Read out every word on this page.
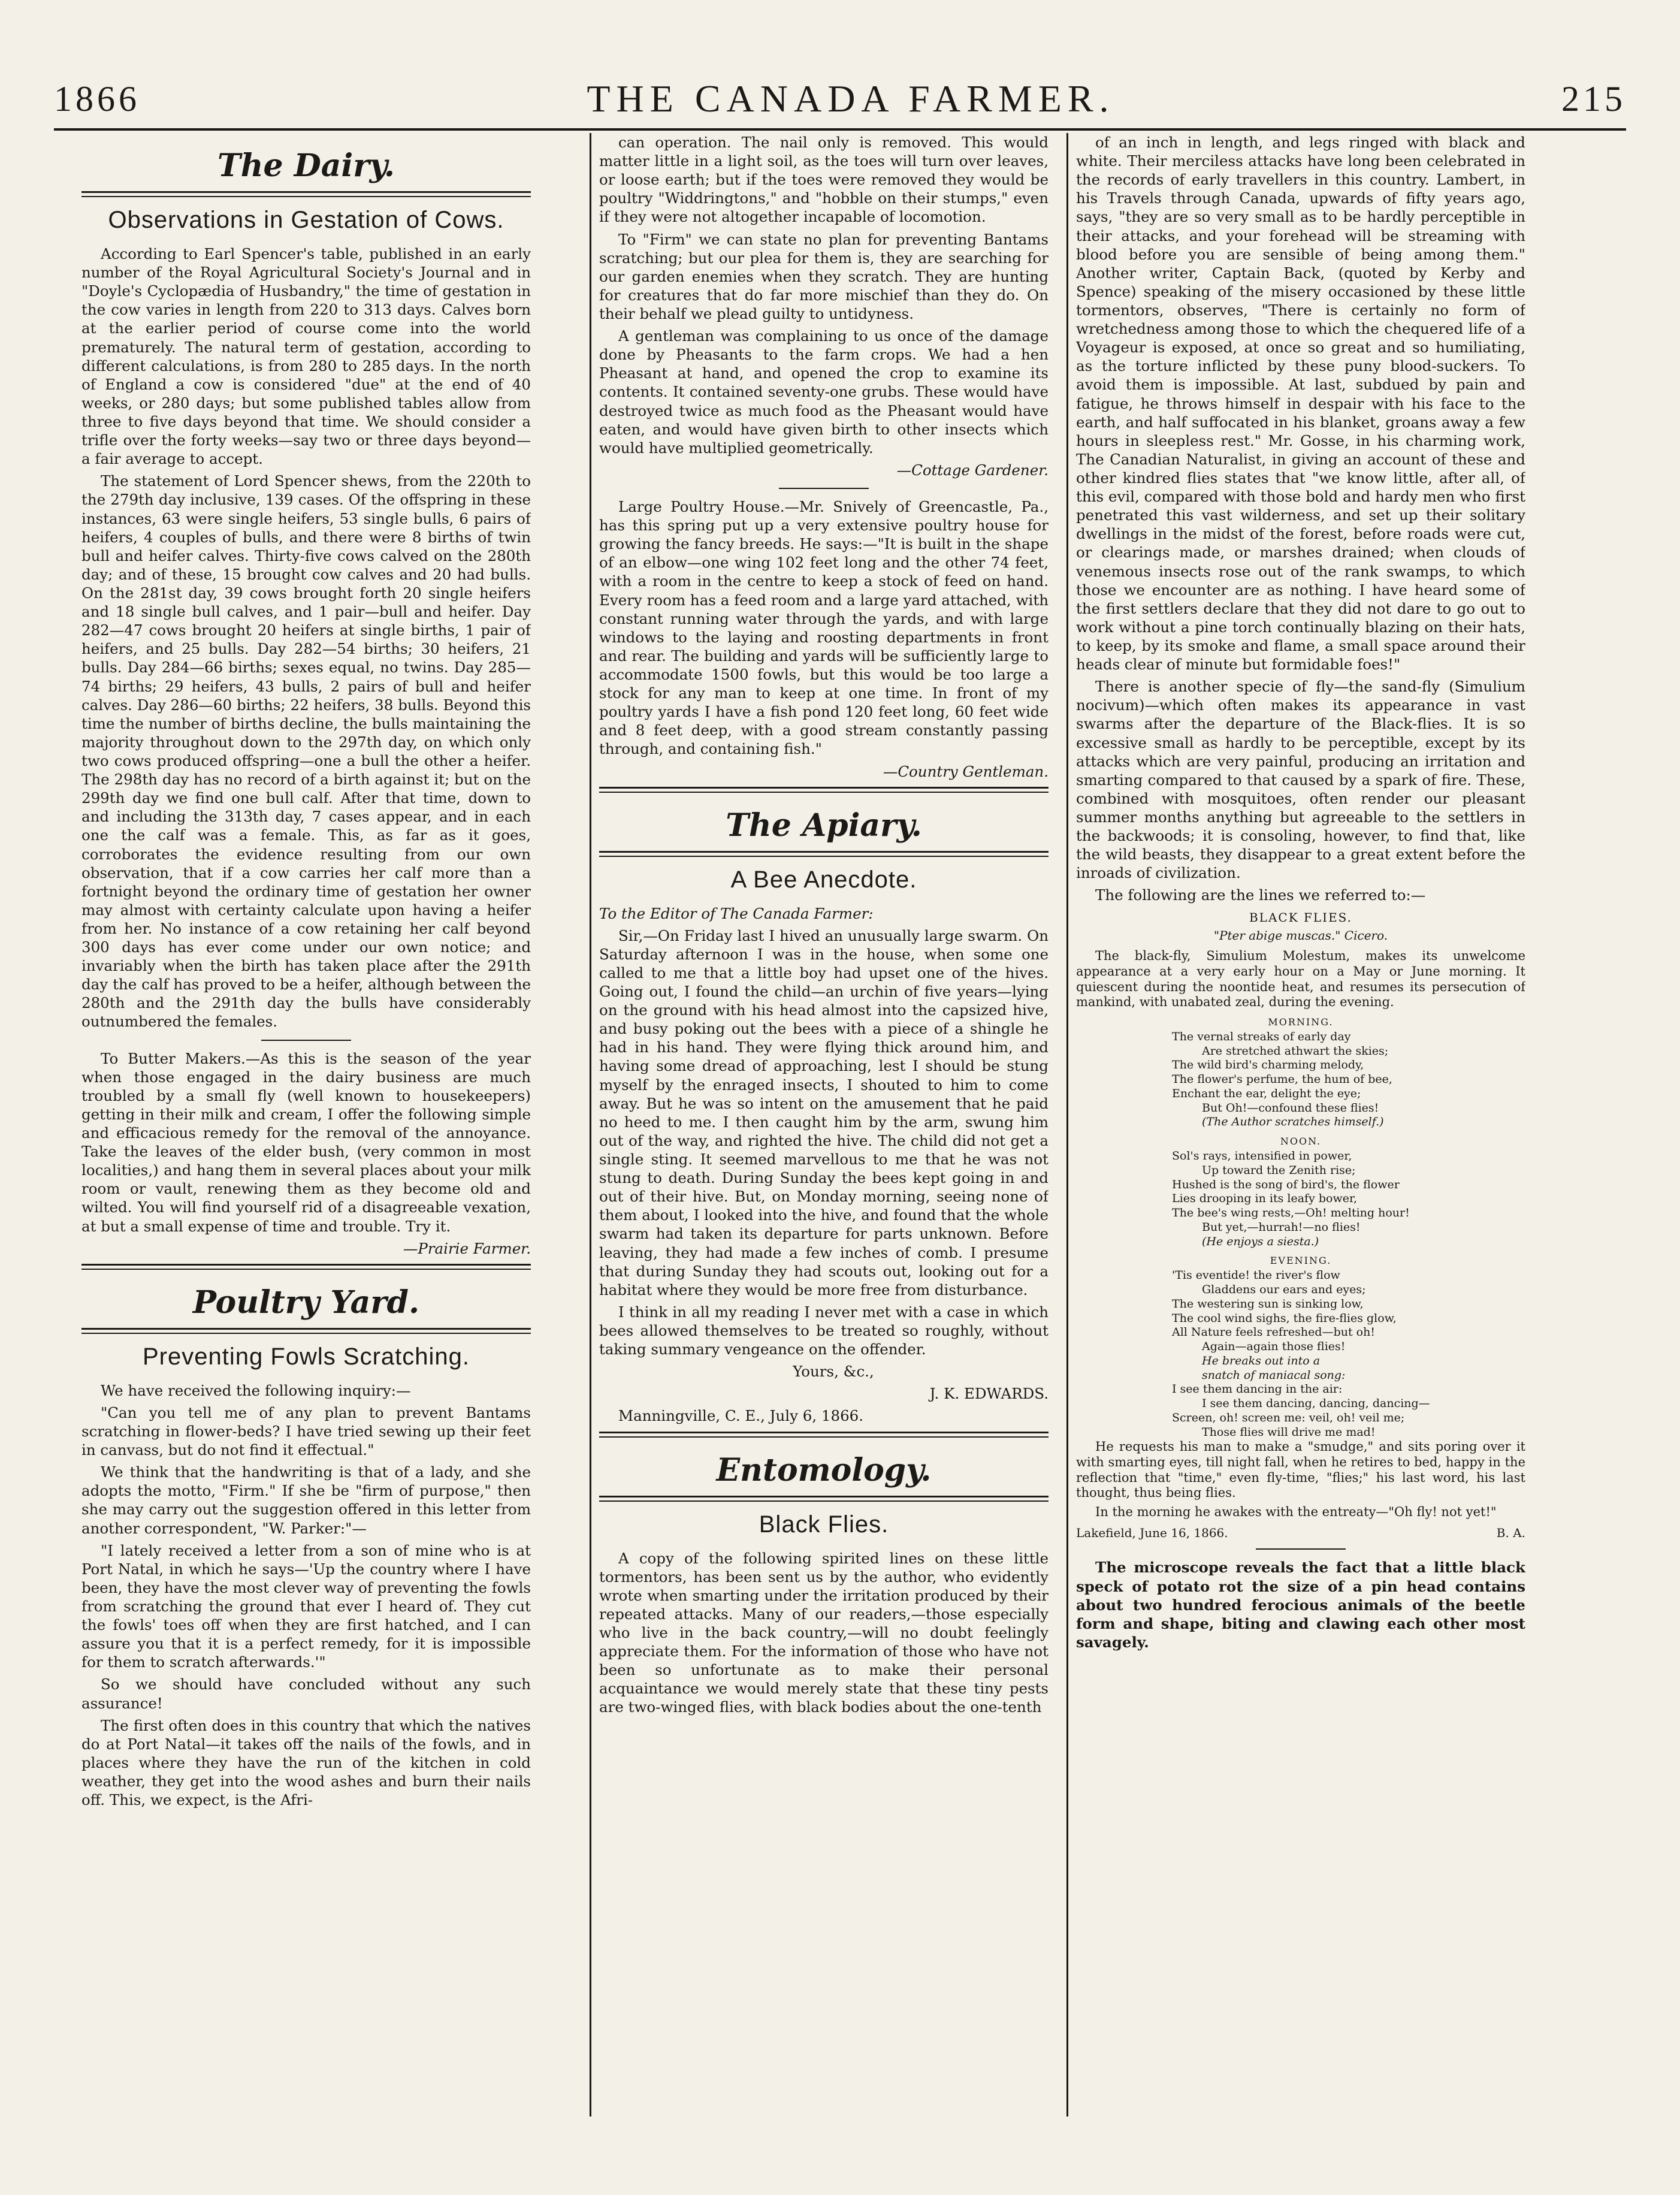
1866	THE CANADA FARMER.	215
The Dairy.
Observations in Gestation of Cows.

According to Earl Spencer's table, published in an early number of the Royal Agricultural Society's Journal and in "Doyle's Cyclopædia of Husbandry," the time of gestation in the cow varies in length from 220 to 313 days. Calves born at the earlier period of course come into the world prematurely. The natural term of gestation, according to different calculations, is from 280 to 285 days. In the north of England a cow is considered "due" at the end of 40 weeks, or 280 days; but some published tables allow from three to five days beyond that time. We should consider a trifle over the forty weeks—say two or three days beyond—a fair average to accept.

The statement of Lord Spencer shews, from the 220th to the 279th day inclusive, 139 cases. Of the offspring in these instances, 63 were single heifers, 53 single bulls, 6 pairs of heifers, 4 couples of bulls, and there were 8 births of twin bull and heifer calves. Thirty-five cows calved on the 280th day; and of these, 15 brought cow calves and 20 had bulls. On the 281st day, 39 cows brought forth 20 single heifers and 18 single bull calves, and 1 pair—bull and heifer. Day 282—47 cows brought 20 heifers at single births, 1 pair of heifers, and 25 bulls. Day 282—54 births; 30 heifers, 21 bulls. Day 284—66 births; sexes equal, no twins. Day 285—74 births; 29 heifers, 43 bulls, 2 pairs of bull and heifer calves. Day 286—60 births; 22 heifers, 38 bulls. Beyond this time the number of births decline, the bulls maintaining the majority throughout down to the 297th day, on which only two cows produced offspring—one a bull the other a heifer. The 298th day has no record of a birth against it; but on the 299th day we find one bull calf. After that time, down to and including the 313th day, 7 cases appear, and in each one the calf was a female. This, as far as it goes, corroborates the evidence resulting from our own observation, that if a cow carries her calf more than a fortnight beyond the ordinary time of gestation her owner may almost with certainty calculate upon having a heifer from her. No instance of a cow retaining her calf beyond 300 days has ever come under our own notice; and invariably when the birth has taken place after the 291th day the calf has proved to be a heifer, although between the 280th and the 291th day the bulls have considerably outnumbered the females.

To Butter Makers.—As this is the season of the year when those engaged in the dairy business are much troubled by a small fly (well known to housekeepers) getting in their milk and cream, I offer the following simple and efficacious remedy for the removal of the annoyance. Take the leaves of the elder bush, (very common in most localities,) and hang them in several places about your milk room or vault, renewing them as they become old and wilted. You will find yourself rid of a disagreeable vexation, at but a small expense of time and trouble. Try it.

—Prairie Farmer.

Poultry Yard.
Preventing Fowls Scratching.

We have received the following inquiry:—

"Can you tell me of any plan to prevent Bantams scratching in flower-beds? I have tried sewing up their feet in canvass, but do not find it effectual."

We think that the handwriting is that of a lady, and she adopts the motto, "Firm." If she be "firm of purpose," then she may carry out the suggestion offered in this letter from another correspondent, "W. Parker:"—

"I lately received a letter from a son of mine who is at Port Natal, in which he says—'Up the country where I have been, they have the most clever way of preventing the fowls from scratching the ground that ever I heard of. They cut the fowls' toes off when they are first hatched, and I can assure you that it is a perfect remedy, for it is impossible for them to scratch afterwards.'"

So we should have concluded without any such assurance!

The first often does in this country that which the natives do at Port Natal—it takes off the nails of the fowls, and in places where they have the run of the kitchen in cold weather, they get into the wood ashes and burn their nails off. This, we expect, is the Afri-

can operation. The nail only is removed. This would matter little in a light soil, as the toes will turn over leaves, or loose earth; but if the toes were removed they would be poultry "Widdringtons," and "hobble on their stumps," even if they were not altogether incapable of locomotion.

To "Firm" we can state no plan for preventing Bantams scratching; but our plea for them is, they are searching for our garden enemies when they scratch. They are hunting for creatures that do far more mischief than they do. On their behalf we plead guilty to untidyness.

A gentleman was complaining to us once of the damage done by Pheasants to the farm crops. We had a hen Pheasant at hand, and opened the crop to examine its contents. It contained seventy-one grubs. These would have destroyed twice as much food as the Pheasant would have eaten, and would have given birth to other insects which would have multiplied geometrically.

—Cottage Gardener.

Large Poultry House.—Mr. Snively of Greencastle, Pa., has this spring put up a very extensive poultry house for growing the fancy breeds. He says:—"It is built in the shape of an elbow—one wing 102 feet long and the other 74 feet, with a room in the centre to keep a stock of feed on hand. Every room has a feed room and a large yard attached, with constant running water through the yards, and with large windows to the laying and roosting departments in front and rear. The building and yards will be sufficiently large to accommodate 1500 fowls, but this would be too large a stock for any man to keep at one time. In front of my poultry yards I have a fish pond 120 feet long, 60 feet wide and 8 feet deep, with a good stream constantly passing through, and containing fish."

—Country Gentleman.

The Apiary.
A Bee Anecdote.

To the Editor of The Canada Farmer:

Sir,—On Friday last I hived an unusually large swarm. On Saturday afternoon I was in the house, when some one called to me that a little boy had upset one of the hives. Going out, I found the child—an urchin of five years—lying on the ground with his head almost into the capsized hive, and busy poking out the bees with a piece of a shingle he had in his hand. They were flying thick around him, and having some dread of approaching, lest I should be stung myself by the enraged insects, I shouted to him to come away. But he was so intent on the amusement that he paid no heed to me. I then caught him by the arm, swung him out of the way, and righted the hive. The child did not get a single sting. It seemed marvellous to me that he was not stung to death. During Sunday the bees kept going in and out of their hive. But, on Monday morning, seeing none of them about, I looked into the hive, and found that the whole swarm had taken its departure for parts unknown. Before leaving, they had made a few inches of comb. I presume that during Sunday they had scouts out, looking out for a habitat where they would be more free from disturbance.

I think in all my reading I never met with a case in which bees allowed themselves to be treated so roughly, without taking summary vengeance on the offender.

Yours, &c.,

J. K. EDWARDS.

Manningville, C. E., July 6, 1866.

Entomology.
Black Flies.

A copy of the following spirited lines on these little tormentors, has been sent us by the author, who evidently wrote when smarting under the irritation produced by their repeated attacks. Many of our readers,—those especially who live in the back country,—will no doubt feelingly appreciate them. For the information of those who have not been so unfortunate as to make their personal acquaintance we would merely state that these tiny pests are two-winged flies, with black bodies about the one-tenth

of an inch in length, and legs ringed with black and white. Their merciless attacks have long been celebrated in the records of early travellers in this country. Lambert, in his Travels through Canada, upwards of fifty years ago, says, "they are so very small as to be hardly perceptible in their attacks, and your forehead will be streaming with blood before you are sensible of being among them." Another writer, Captain Back, (quoted by Kerby and Spence) speaking of the misery occasioned by these little tormentors, observes, "There is certainly no form of wretchedness among those to which the chequered life of a Voyageur is exposed, at once so great and so humiliating, as the torture inflicted by these puny blood-suckers. To avoid them is impossible. At last, subdued by pain and fatigue, he throws himself in despair with his face to the earth, and half suffocated in his blanket, groans away a few hours in sleepless rest." Mr. Gosse, in his charming work, The Canadian Naturalist, in giving an account of these and other kindred flies states that "we know little, after all, of this evil, compared with those bold and hardy men who first penetrated this vast wilderness, and set up their solitary dwellings in the midst of the forest, before roads were cut, or clearings made, or marshes drained; when clouds of venemous insects rose out of the rank swamps, to which those we encounter are as nothing. I have heard some of the first settlers declare that they did not dare to go out to work without a pine torch continually blazing on their hats, to keep, by its smoke and flame, a small space around their heads clear of minute but formidable foes!"

There is another specie of fly—the sand-fly (Simulium nocivum)—which often makes its appearance in vast swarms after the departure of the Black-flies. It is so excessive small as hardly to be perceptible, except by its attacks which are very painful, producing an irritation and smarting compared to that caused by a spark of fire. These, combined with mosquitoes, often render our pleasant summer months anything but agreeable to the settlers in the backwoods; it is consoling, however, to find that, like the wild beasts, they disappear to a great extent before the inroads of civilization.

The following are the lines we referred to:—

BLACK FLIES.
"Pter abige muscas." Cicero.

The black-fly, Simulium Molestum, makes its unwelcome appearance at a very early hour on a May or June morning. It quiescent during the noontide heat, and resumes its persecution of mankind, with unabated zeal, during the evening.

MORNING.
The vernal streaks of early day
Are stretched athwart the skies;
The wild bird's charming melody,
The flower's perfume, the hum of bee,
Enchant the ear, delight the eye;
But Oh!—confound these flies!
(The Author scratches himself.)
NOON.
Sol's rays, intensified in power,
Up toward the Zenith rise;
Hushed is the song of bird's, the flower
Lies drooping in its leafy bower,
The bee's wing rests,—Oh! melting hour!
But yet,—hurrah!—no flies!
(He enjoys a siesta.)
EVENING.
'Tis eventide! the river's flow
Gladdens our ears and eyes;
The westering sun is sinking low,
The cool wind sighs, the fire-flies glow,
All Nature feels refreshed—but oh!
Again—again those flies!
He breaks out into a
snatch of maniacal song:
I see them dancing in the air:
I see them dancing, dancing, dancing—
Screen, oh! screen me: veil, oh! veil me;
Those flies will drive me mad!

He requests his man to make a "smudge," and sits poring over it with smarting eyes, till night fall, when he retires to bed, happy in the reflection that "time," even fly-time, "flies;" his last word, his last thought, thus being flies.

In the morning he awakes with the entreaty—"Oh fly! not yet!"

Lakefield, June 16, 1866.	B. A.

The microscope reveals the fact that a little black speck of potato rot the size of a pin head contains about two hundred ferocious animals of the beetle form and shape, biting and clawing each other most savagely.
